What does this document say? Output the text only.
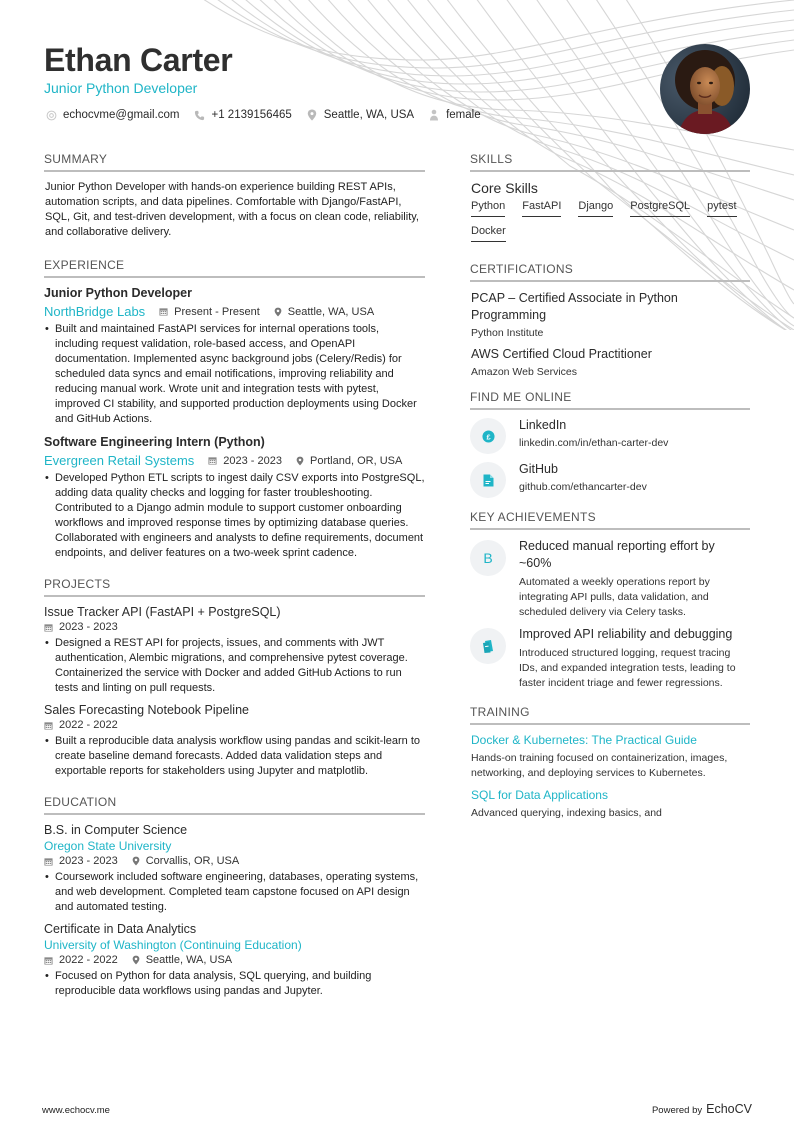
Ethan Carter
Junior Python Developer
echocvme@gmail.com	+1 2139156465	Seattle, WA, USA	female
SUMMARY
Junior Python Developer with hands-on experience building REST APIs, automation scripts, and data pipelines. Comfortable with Django/FastAPI, SQL, Git, and test-driven development, with a focus on clean code, reliability, and collaborative delivery.
EXPERIENCE
Junior Python Developer
NorthBridge Labs	Present - Present	Seattle, WA, USA
• Built and maintained FastAPI services for internal operations tools, including request validation, role-based access, and OpenAPI documentation. Implemented async background jobs (Celery/Redis) for scheduled data syncs and email notifications, improving reliability and reducing manual work. Wrote unit and integration tests with pytest, improved CI stability, and supported production deployments using Docker and GitHub Actions.
Software Engineering Intern (Python)
Evergreen Retail Systems	2023 - 2023	Portland, OR, USA
• Developed Python ETL scripts to ingest daily CSV exports into PostgreSQL, adding data quality checks and logging for faster troubleshooting. Contributed to a Django admin module to support customer onboarding workflows and improved response times by optimizing database queries. Collaborated with engineers and analysts to define requirements, document endpoints, and deliver features on a two-week sprint cadence.
PROJECTS
Issue Tracker API (FastAPI + PostgreSQL)
2023 - 2023
• Designed a REST API for projects, issues, and comments with JWT authentication, Alembic migrations, and comprehensive pytest coverage. Containerized the service with Docker and added GitHub Actions to run tests and linting on pull requests.
Sales Forecasting Notebook Pipeline
2022 - 2022
• Built a reproducible data analysis workflow using pandas and scikit-learn to create baseline demand forecasts. Added data validation steps and exportable reports for stakeholders using Jupyter and matplotlib.
EDUCATION
B.S. in Computer Science
Oregon State University
2023 - 2023	Corvallis, OR, USA
• Coursework included software engineering, databases, operating systems, and web development. Completed team capstone focused on API design and automated testing.
Certificate in Data Analytics
University of Washington (Continuing Education)
2022 - 2022	Seattle, WA, USA
• Focused on Python for data analysis, SQL querying, and building reproducible data workflows using pandas and Jupyter.
SKILLS
Core Skills
Python FastAPI Django PostgreSQL pytest
Docker
CERTIFICATIONS
PCAP – Certified Associate in Python Programming
Python Institute
AWS Certified Cloud Practitioner
Amazon Web Services
FIND ME ONLINE
£
LinkedIn
linkedin.com/in/ethan-carter-dev
GitHub
github.com/ethancarter-dev
KEY ACHIEVEMENTS
B
Reduced manual reporting effort by ~60%
Automated a weekly operations report by integrating API pulls, data validation, and scheduled delivery via Celery tasks.
Improved API reliability and debugging
Introduced structured logging, request tracing IDs, and expanded integration tests, leading to faster incident triage and fewer regressions.
TRAINING
Docker & Kubernetes: The Practical Guide
Hands-on training focused on containerization, images, networking, and deploying services to Kubernetes.
SQL for Data Applications
Advanced querying, indexing basics, and
www.echocv.me	Powered by EchoCV
